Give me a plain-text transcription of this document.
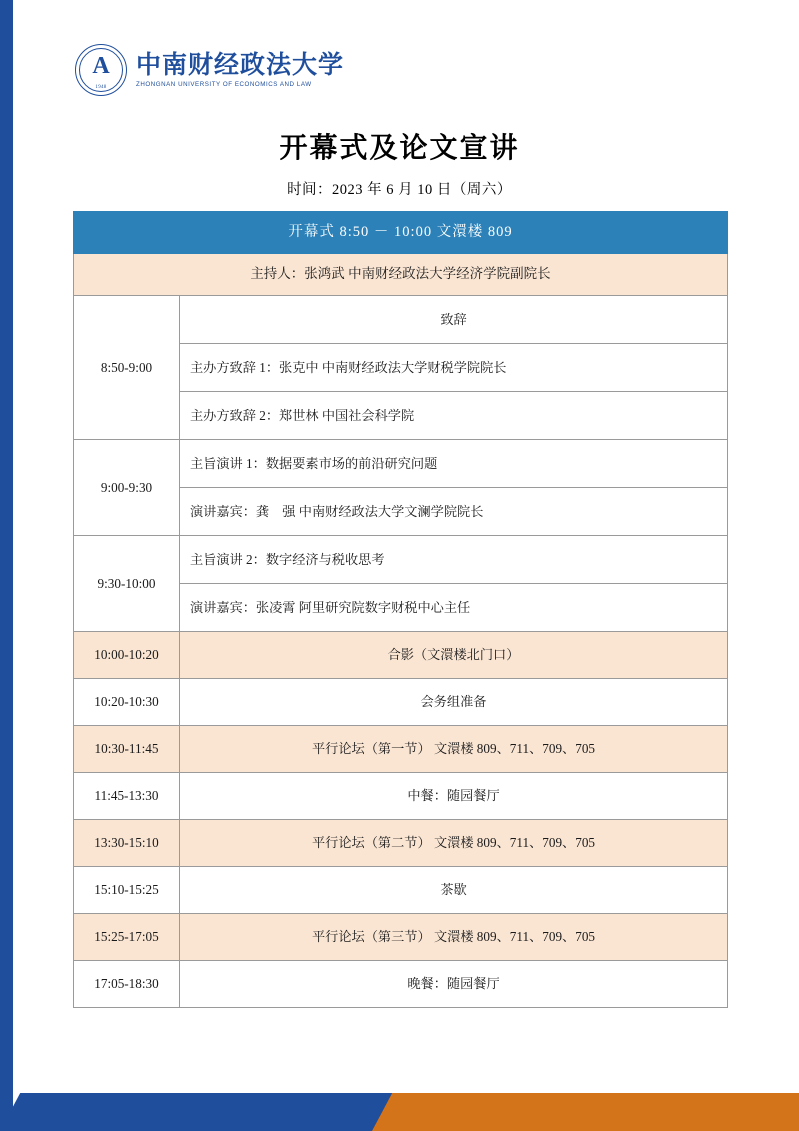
A
1948
中南财经政法大学
ZHONGNAN UNIVERSITY OF ECONOMICS AND LAW
开幕式及论文宣讲
时间：2023 年 6 月 10 日（周六）
开幕式 8:50 － 10:00 文澴楼 809	
主持人：张鸿武 中南财经政法大学经济学院副院长	
8:50-9:00	致辞
	主办方致辞 1：张克中 中南财经政法大学财税学院院长
	主办方致辞 2：郑世林 中国社会科学院
9:00-9:30	主旨演讲 1：数据要素市场的前沿研究问题
	演讲嘉宾：龚　强 中南财经政法大学文澜学院院长
9:30-10:00	主旨演讲 2：数字经济与税收思考
	演讲嘉宾：张凌霄 阿里研究院数字财税中心主任
10:00-10:20	合影（文澴楼北门口）
10:20-10:30	会务组准备
10:30-11:45	平行论坛（第一节） 文澴楼 809、711、709、705
11:45-13:30	中餐：随园餐厅
13:30-15:10	平行论坛（第二节） 文澴楼 809、711、709、705
15:10-15:25	茶歇
15:25-17:05	平行论坛（第三节） 文澴楼 809、711、709、705
17:05-18:30	晚餐：随园餐厅
